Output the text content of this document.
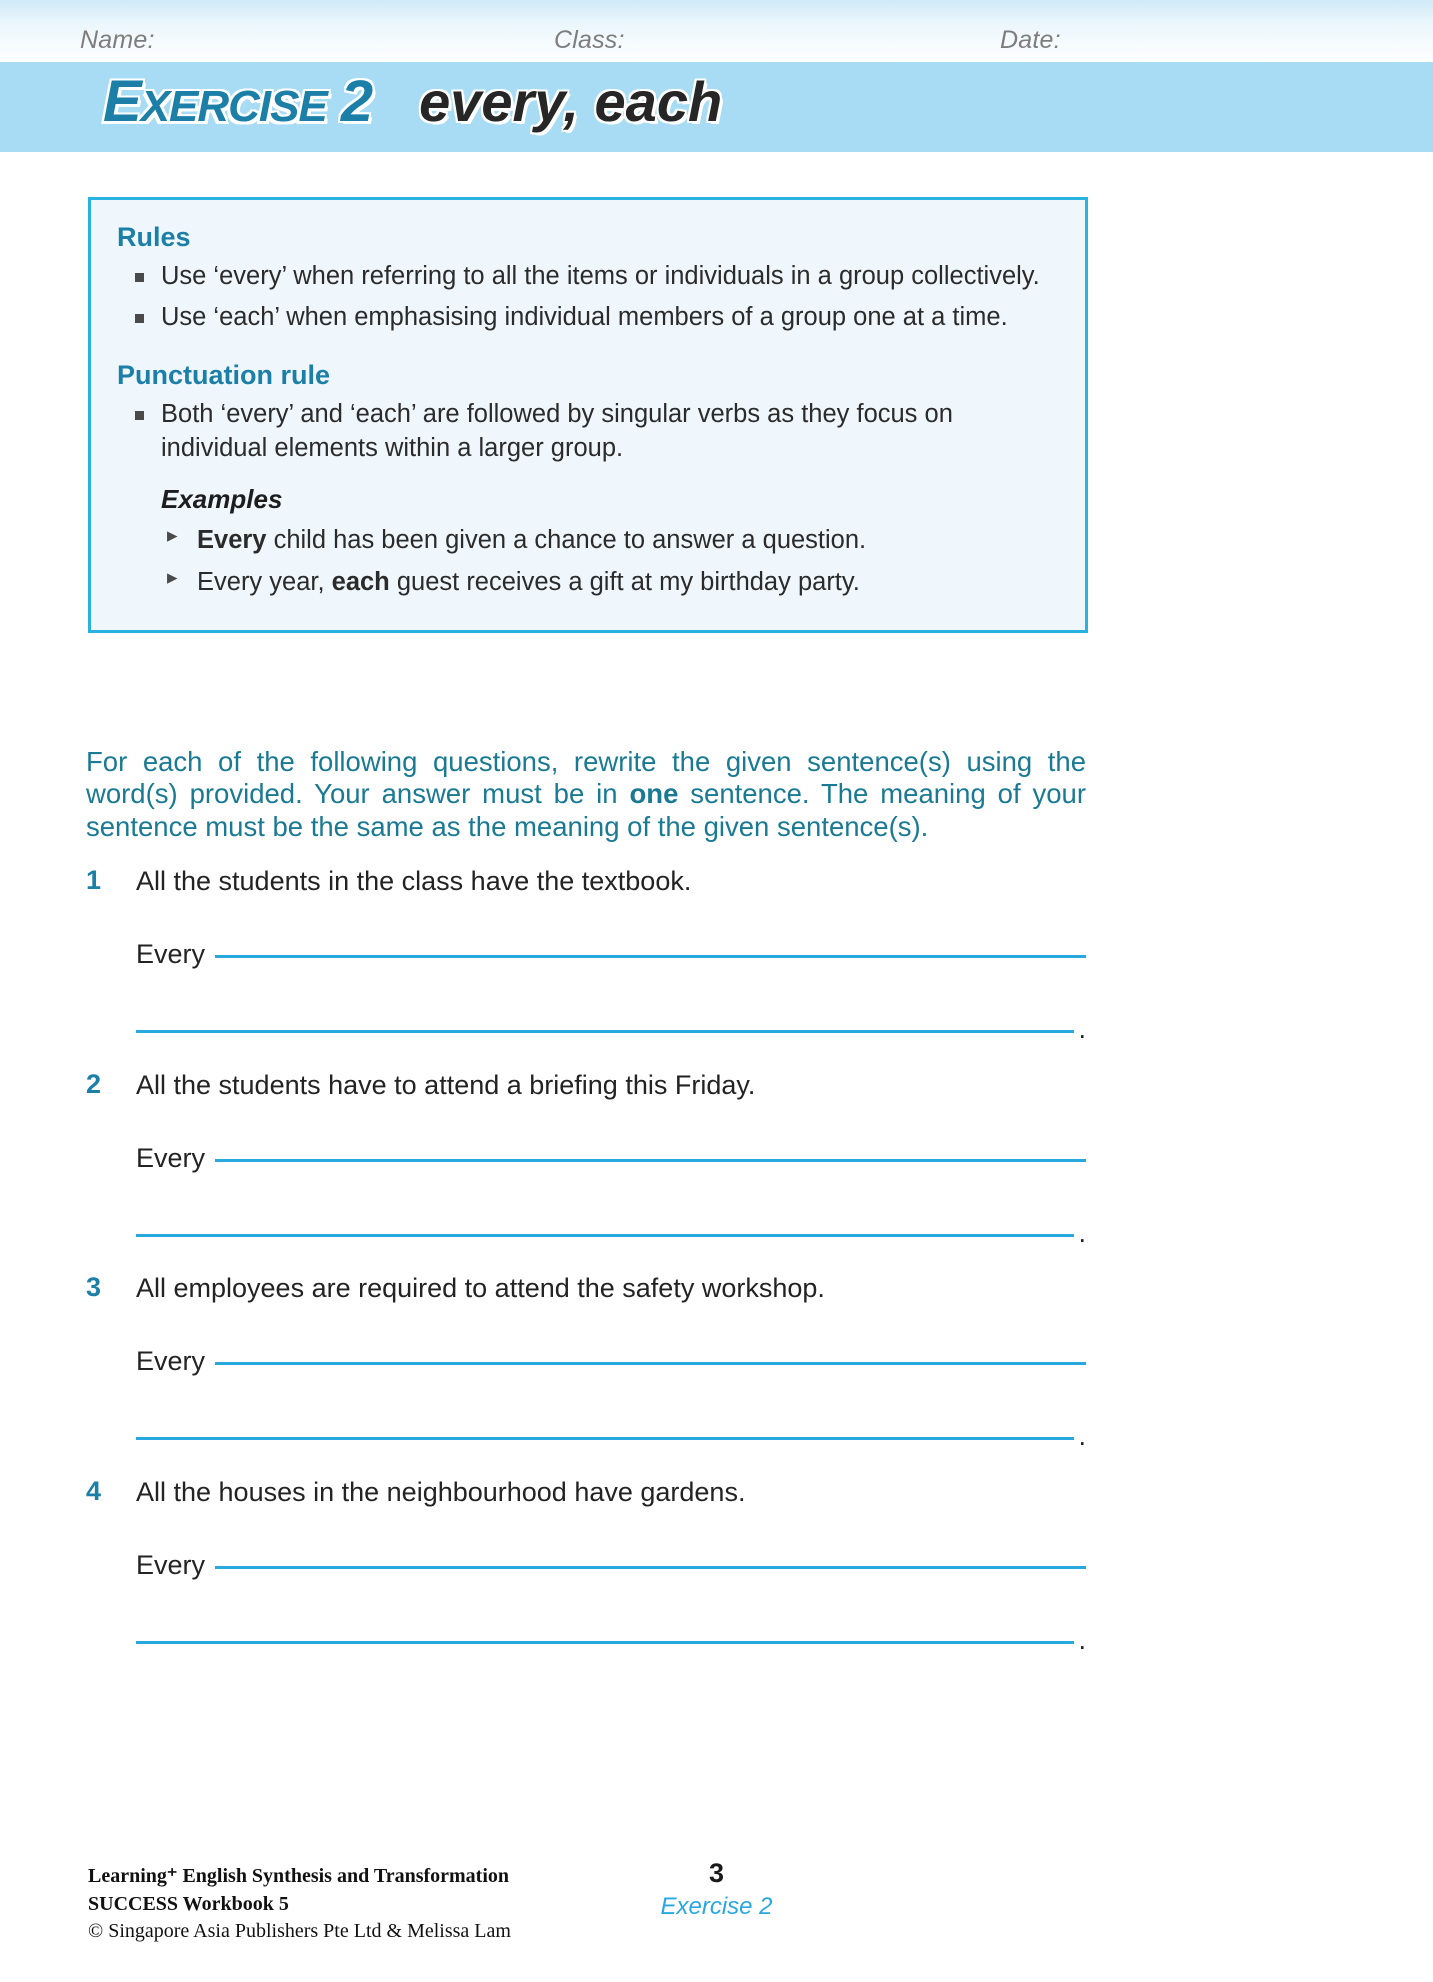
Name:	Class:	Date:
EXERCISE 2 every, each
Rules
Use ‘every’ when referring to all the items or individuals in a group collectively.
Use ‘each’ when emphasising individual members of a group one at a time.
Punctuation rule
Both ‘every’ and ‘each’ are followed by singular verbs as they focus on individual elements within a larger group.
Examples
▸ Every child has been given a chance to answer a question.
▸ Every year, each guest receives a gift at my birthday party.

For each of the following questions, rewrite the given sentence(s) using the word(s) provided. Your answer must be in one sentence. The meaning of your sentence must be the same as the meaning of the given sentence(s).

1	All the students in the class have the textbook.
Every
.
2	All the students have to attend a briefing this Friday.
Every
.
3	All employees are required to attend the safety workshop.
Every
.
4	All the houses in the neighbourhood have gardens.
Every
.
Learning⁺ English Synthesis and Transformation
SUCCESS Workbook 5
© Singapore Asia Publishers Pte Ltd & Melissa Lam
3
Exercise 2
